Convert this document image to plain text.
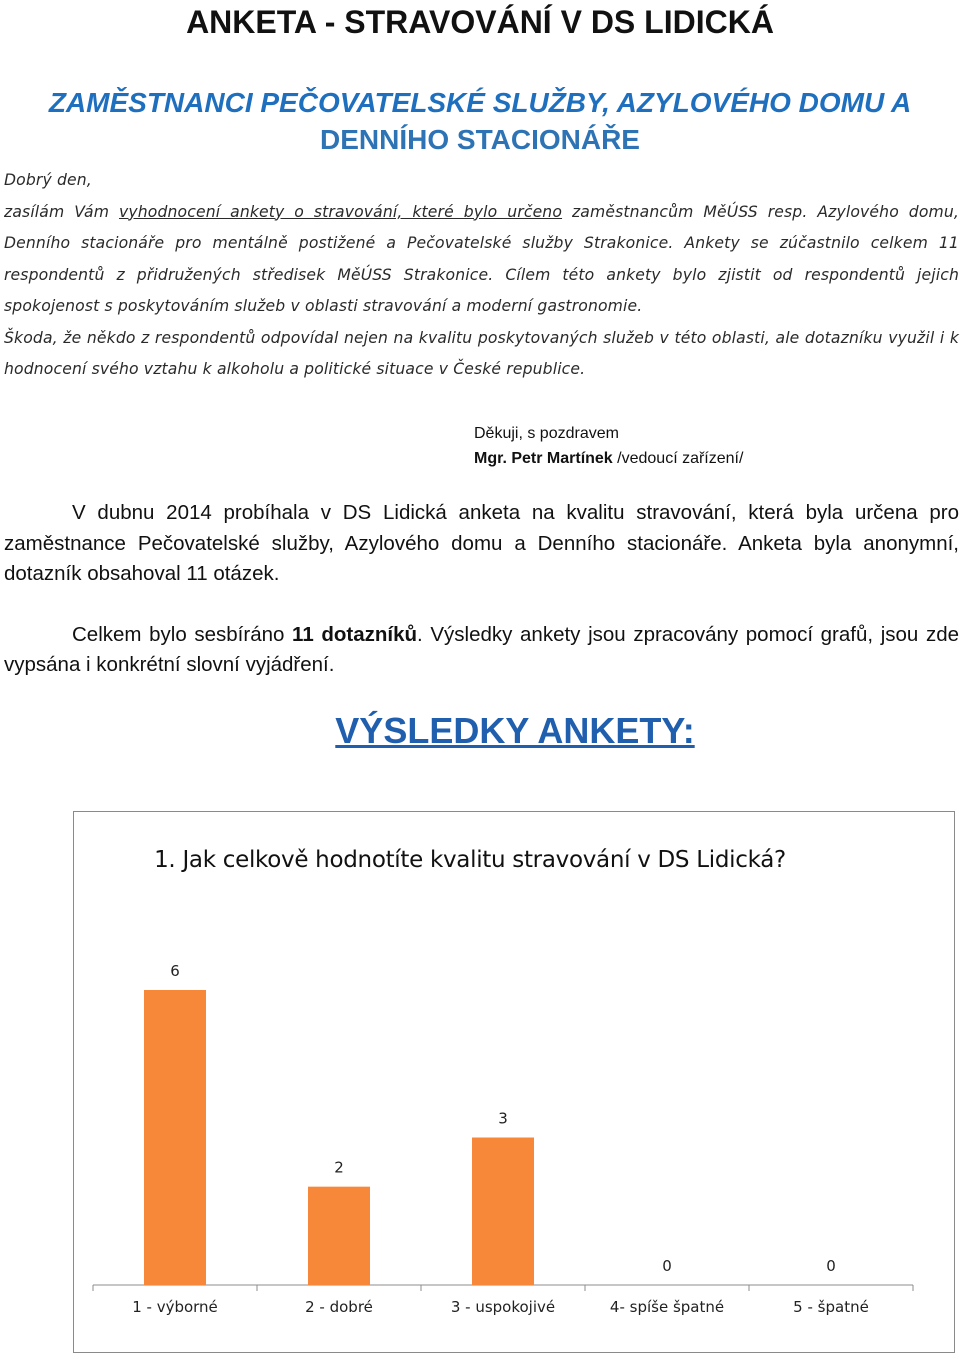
ANKETA - STRAVOVÁNÍ V DS LIDICKÁ
ZAMĚSTNANCI PEČOVATELSKÉ SLUŽBY, AZYLOVÉHO DOMU A
DENNÍHO STACIONÁŘE

Dobrý den,

zasílám Vám vyhodnocení ankety o stravování, které bylo určeno zaměstnancům MěÚSS resp. Azylového domu, Denního stacionáře pro mentálně postižené a Pečovatelské služby Strakonice. Ankety se zúčastnilo celkem 11 respondentů z přidružených středisek MěÚSS Strakonice. Cílem této ankety bylo zjistit od respondentů jejich spokojenost s poskytováním služeb v oblasti stravování a moderní gastronomie.

Škoda, že někdo z respondentů odpovídal nejen na kvalitu poskytovaných služeb v této oblasti, ale dotazníku využil i k hodnocení svého vztahu k alkoholu a politické situace v České republice.

Děkuji, s pozdravem
Mgr. Petr Martínek /vedoucí zařízení/

V dubnu 2014 probíhala v DS Lidická anketa na kvalitu stravování, která byla určena pro zaměstnance Pečovatelské služby, Azylového domu a Denního stacionáře. Anketa byla anonymní, dotazník obsahoval 11 otázek.

Celkem bylo sesbíráno 11 dotazníků. Výsledky ankety jsou zpracovány pomocí grafů, jsou zde vypsána i konkrétní slovní vyjádření.

VÝSLEDKY ANKETY:

1. Jak celkově hodnotíte kvalitu stravování v DS Lidická?

6
1 - výborné
2
2 - dobré
3
3 - uspokojivé
0
4- spíše špatné
0
5 - špatné
